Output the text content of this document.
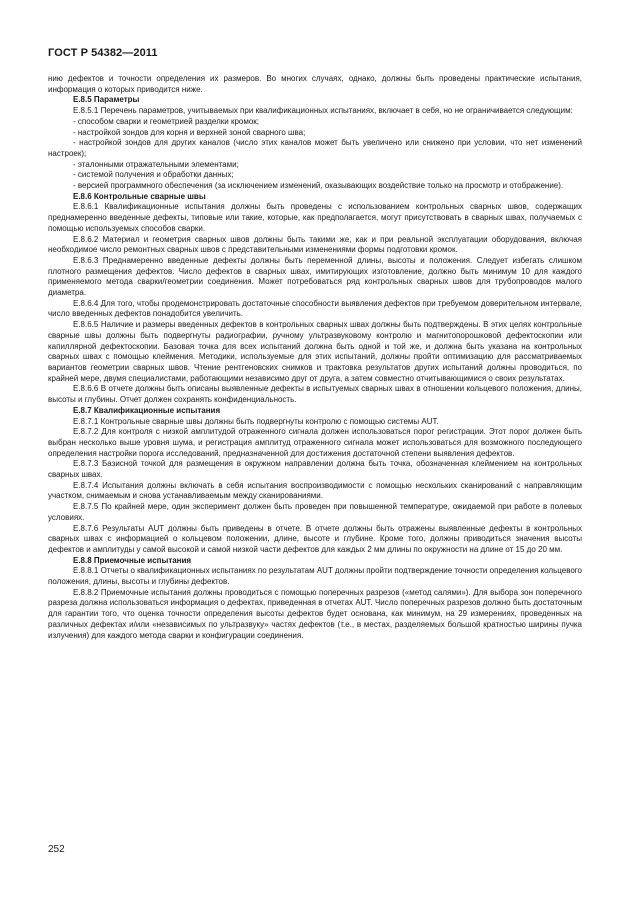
ГОСТ Р 54382—2011

нию дефектов и точности определения их размеров. Во многих случаях, однако, должны быть проведены практические испытания, информация о которых приводится ниже.

Е.8.5 Параметры

Е.8.5.1 Перечень параметров, учитываемых при квалификационных испытаниях, включает в себя, но не ограничивается следующим:

- способом сварки и геометрией разделки кромок;

- настройкой зондов для корня и верхней зоной сварного шва;

- настройкой зондов для других каналов (число этих каналов может быть увеличено или снижено при условии, что нет изменений настроек);

- эталонными отражательными элементами;

- системой получения и обработки данных;

- версией программного обеспечения (за исключением изменений, оказывающих воздействие только на просмотр и отображение).

Е.8.6 Контрольные сварные швы

Е.8.6.1 Квалификационные испытания должны быть проведены с использованием контрольных сварных швов, содержащих преднамеренно введенные дефекты, типовые или такие, которые, как предполагается, могут присутствовать в сварных швах, получаемых с помощью используемых способов сварки.

Е.8.6.2 Материал и геометрия сварных швов должны быть такими же, как и при реальной эксплуатации оборудования, включая необходимое число ремонтных сварных швов с представительными изменениями формы подготовки кромок.

Е.8.6.3 Преднамеренно введенные дефекты должны быть переменной длины, высоты и положения. Следует избегать слишком плотного размещения дефектов. Число дефектов в сварных швах, имитирующих изготовление, должно быть минимум 10 для каждого применяемого метода сварки/геометрии соединения. Может потребоваться ряд контрольных сварных швов для трубопроводов малого диаметра.

Е.8.6.4 Для того, чтобы продемонстрировать достаточные способности выявления дефектов при требуемом доверительном интервале, число введенных дефектов понадобится увеличить.

Е.8.6.5 Наличие и размеры введенных дефектов в контрольных сварных швах должны быть подтверждены. В этих целях контрольные сварные швы должны быть подвергнуты радиографии, ручному ультразвуковому контролю и магнитопорошковой дефектоскопии или капиллярной дефектоскопии. Базовая точка для всех испытаний должна быть одной и той же, и должна быть указана на контрольных сварных швах с помощью клеймения. Методики, используемые для этих испытаний, должны пройти оптимизацию для рассматриваемых вариантов геометрии сварных швов. Чтение рентгеновских снимков и трактовка результатов других испытаний должны проводиться, по крайней мере, двумя специалистами, работающими независимо друг от друга, а затем совместно отчитывающимися о своих результатах.

Е.8.6.6 В отчете должны быть описаны выявленные дефекты в испытуемых сварных швах в отношении кольцевого положения, длины, высоты и глубины. Отчет должен сохранять конфиденциальность.

Е.8.7 Квалификационные испытания

Е.8.7.1 Контрольные сварные швы должны быть подвергнуты контролю с помощью системы AUT.

Е.8.7.2 Для контроля с низкой амплитудой отраженного сигнала должен использоваться порог регистрации. Этот порог должен быть выбран несколько выше уровня шума, и регистрация амплитуд отраженного сигнала может использоваться для возможного последующего определения настройки порога исследований, предназначенной для достижения достаточной степени выявления дефектов.

Е.8.7.3 Базисной точкой для размещения в окружном направлении должна быть точка, обозначенная клеймением на контрольных сварных швах.

Е.8.7.4 Испытания должны включать в себя испытания воспроизводимости с помощью нескольких сканирований с направляющим участком, снимаемым и снова устанавливаемым между сканированиями.

Е.8.7.5 По крайней мере, один эксперимент должен быть проведен при повышенной температуре, ожидаемой при работе в полевых условиях.

Е.8.7.6 Результаты AUT должны быть приведены в отчете. В отчете должны быть отражены выявленные дефекты в контрольных сварных швах с информацией о кольцевом положении, длине, высоте и глубине. Кроме того, должны приводиться значения высоты дефектов и амплитуды у самой высокой и самой низкой части дефектов для каждых 2 мм длины по окружности на длине от 15 до 20 мм.

Е.8.8 Приемочные испытания

Е.8.8.1 Отчеты о квалификационных испытаниях по результатам AUT должны пройти подтверждение точности определения кольцевого положения, длины, высоты и глубины дефектов.

Е.8.8.2 Приемочные испытания должны проводиться с помощью поперечных разрезов («метод салями»). Для выбора зон поперечного разреза должна использоваться информация о дефектах, приведенная в отчетах AUT. Число поперечных разрезов должно быть достаточным для гарантии того, что оценка точности определения высоты дефектов будет основана, как минимум, на 29 измерениях, проведенных на различных дефектах и/или «независимых по ультразвуку» частях дефектов (т.е., в местах, разделяемых большой кратностью ширины пучка излучения) для каждого метода сварки и конфигурации соединения.

252
